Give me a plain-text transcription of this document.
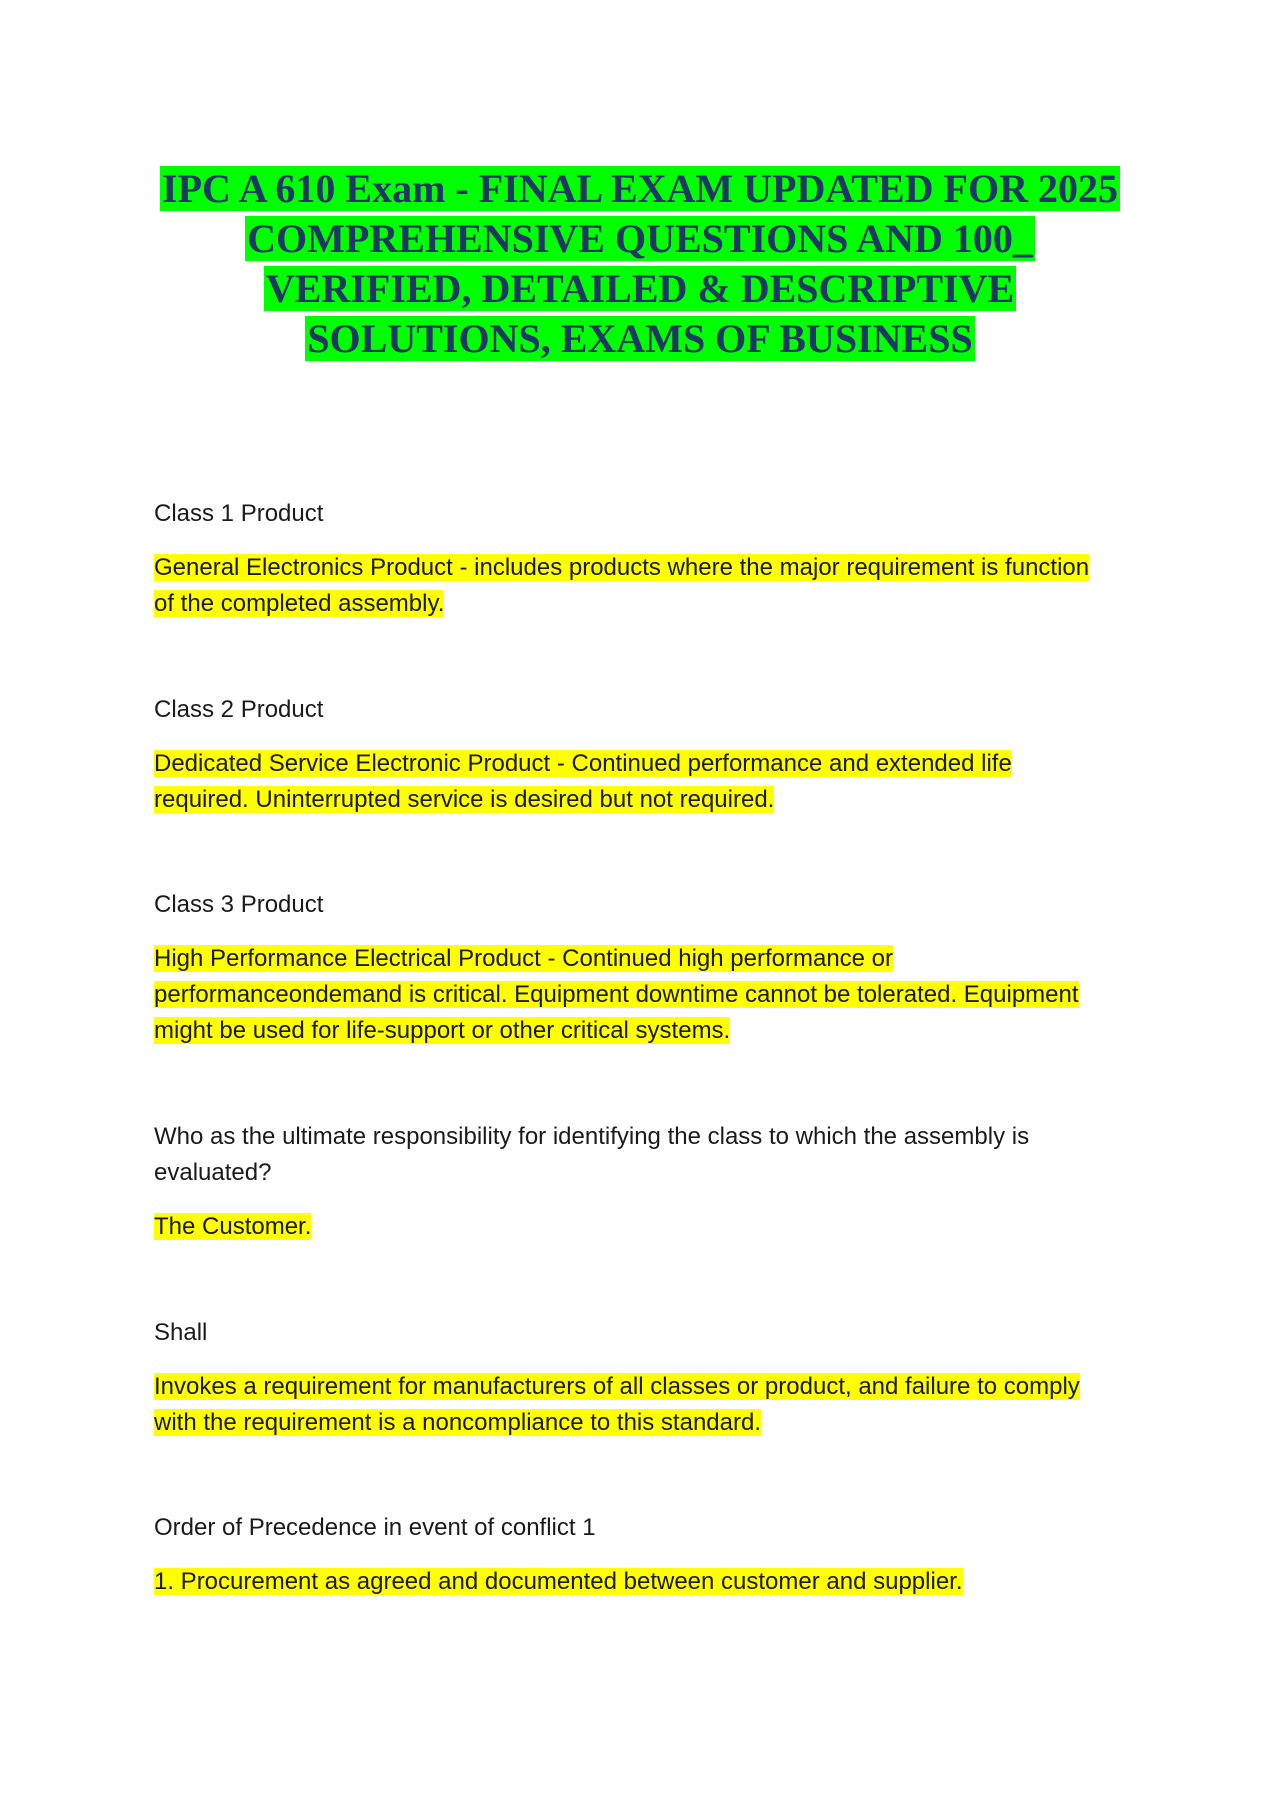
IPC A 610 Exam - FINAL EXAM UPDATED FOR 2025
COMPREHENSIVE QUESTIONS AND 100_
VERIFIED, DETAILED & DESCRIPTIVE
SOLUTIONS, EXAMS OF BUSINESS
Class 1 Product
General Electronics Product - includes products where the major requirement is function
of the completed assembly.
Class 2 Product
Dedicated Service Electronic Product - Continued performance and extended life
required. Uninterrupted service is desired but not required.
Class 3 Product
High Performance Electrical Product - Continued high performance or
performanceondemand is critical. Equipment downtime cannot be tolerated. Equipment
might be used for life-support or other critical systems.
Who as the ultimate responsibility for identifying the class to which the assembly is
evaluated?
The Customer.
Shall
Invokes a requirement for manufacturers of all classes or product, and failure to comply
with the requirement is a noncompliance to this standard.
Order of Precedence in event of conflict 1
1. Procurement as agreed and documented between customer and supplier.
